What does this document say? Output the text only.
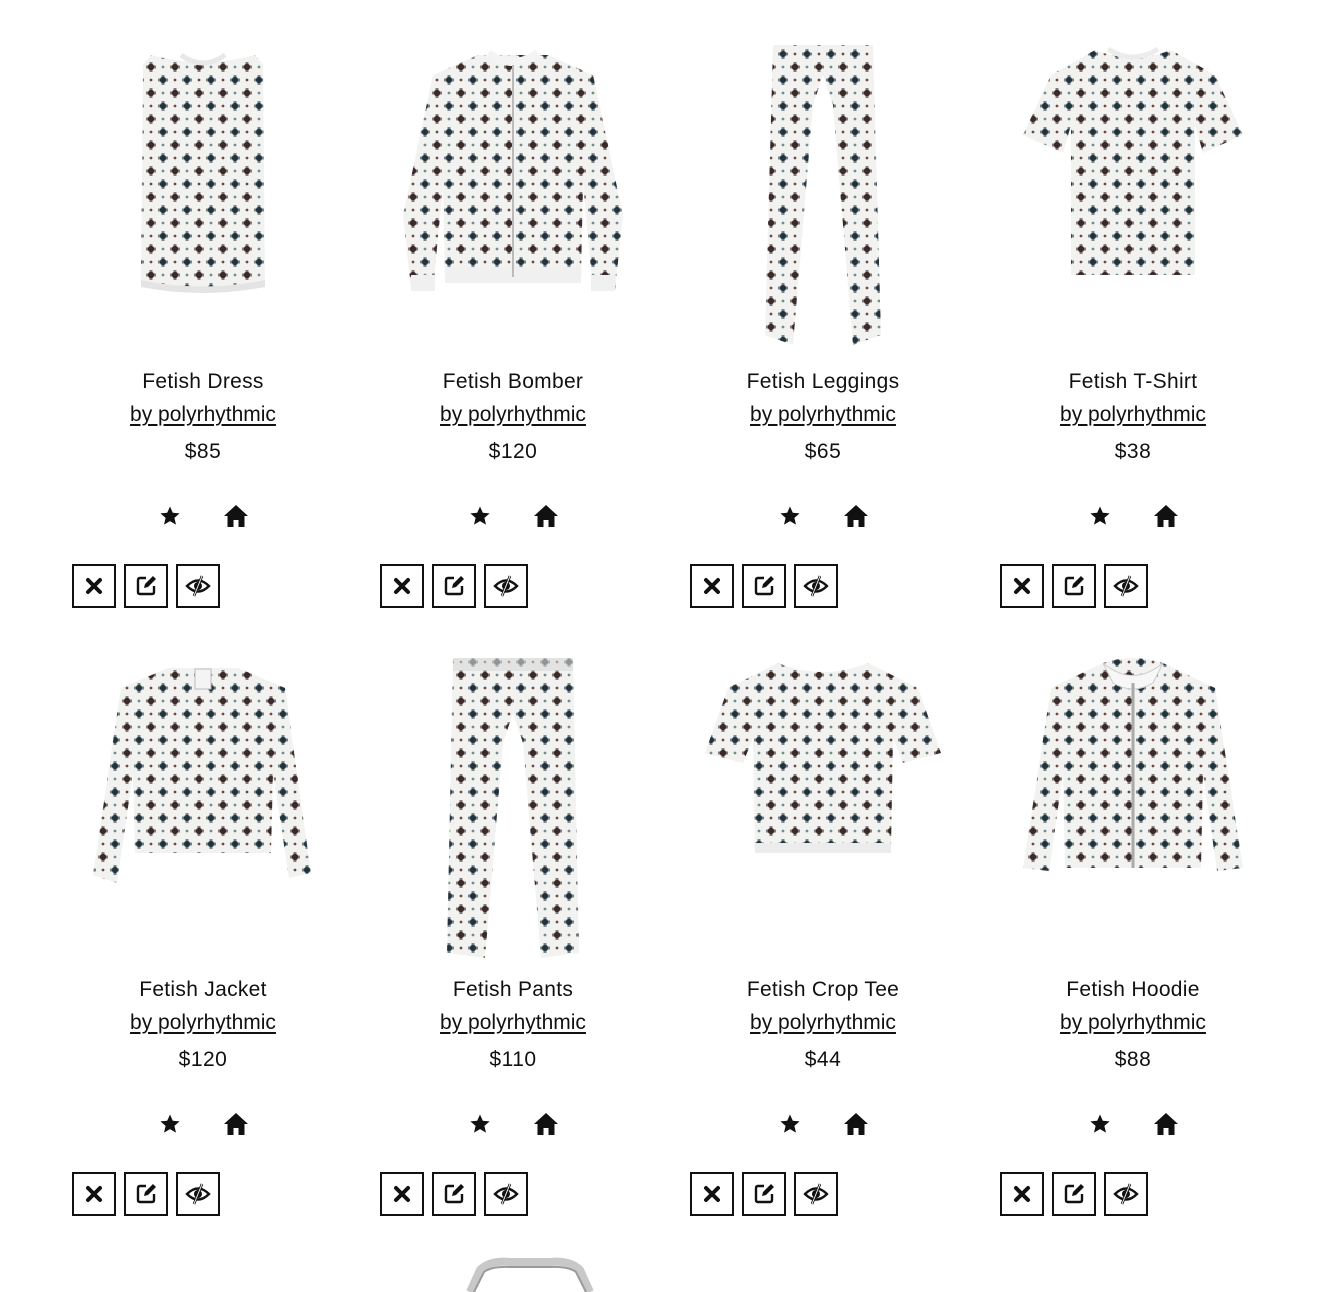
Fetish Dress
by polyrhythmic
$85
Fetish Bomber
by polyrhythmic
$120
Fetish Leggings
by polyrhythmic
$65
Fetish T-Shirt
by polyrhythmic
$38
Fetish Jacket
by polyrhythmic
$120
Fetish Pants
by polyrhythmic
$110
Fetish Crop Tee
by polyrhythmic
$44
Fetish Hoodie
by polyrhythmic
$88
